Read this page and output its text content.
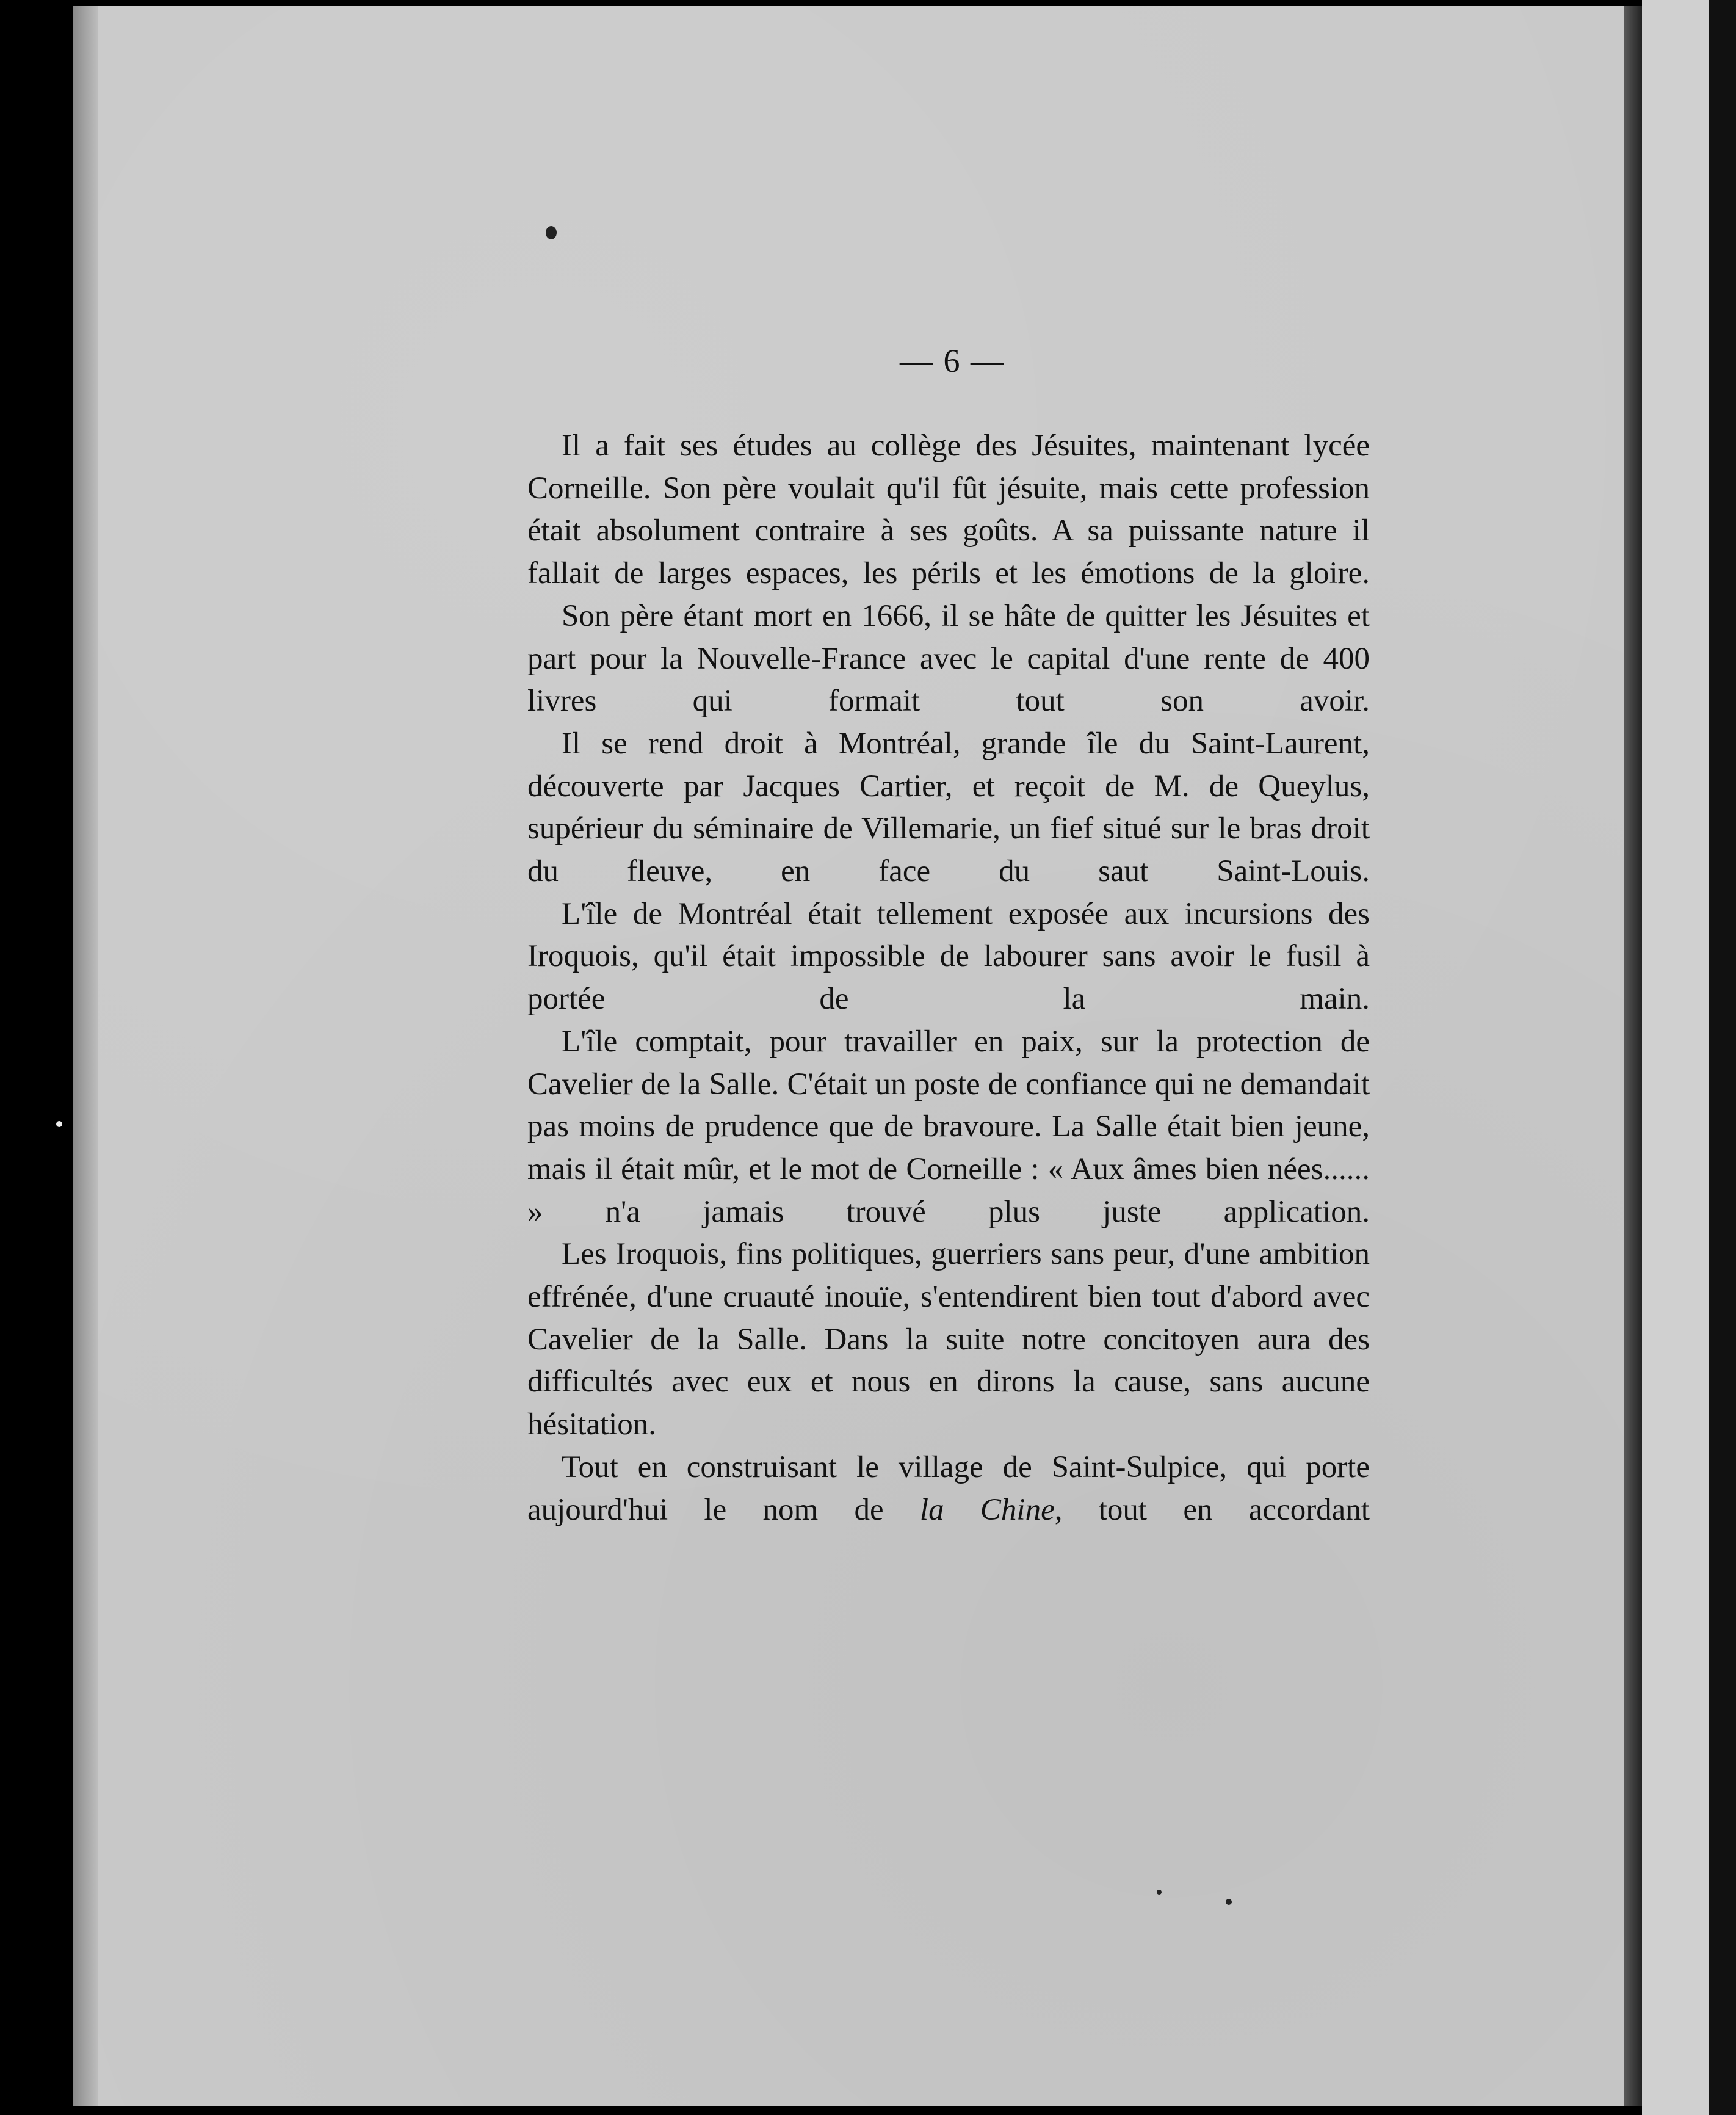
— 6 —

Il a fait ses études au collège des Jésuites, maintenant lycée Corneille. Son père voulait qu'il fût jésuite, mais cette profession était absolument contraire à ses goûts. A sa puissante nature il fallait de larges espaces, les périls et les émotions de la gloire.

Son père étant mort en 1666, il se hâte de quitter les Jésuites et part pour la Nouvelle-France avec le capital d'une rente de 400 livres qui formait tout son avoir.

Il se rend droit à Montréal, grande île du Saint-Laurent, découverte par Jacques Cartier, et reçoit de M. de Queylus, supérieur du séminaire de Villemarie, un fief situé sur le bras droit du fleuve, en face du saut Saint-Louis.

L'île de Montréal était tellement exposée aux incursions des Iroquois, qu'il était impossible de labourer sans avoir le fusil à portée de la main.

L'île comptait, pour travailler en paix, sur la protection de Cavelier de la Salle. C'était un poste de confiance qui ne demandait pas moins de prudence que de bravoure. La Salle était bien jeune, mais il était mûr, et le mot de Corneille : « Aux âmes bien nées...... » n'a jamais trouvé plus juste application.

Les Iroquois, fins politiques, guerriers sans peur, d'une ambition effrénée, d'une cruauté inouïe, s'entendirent bien tout d'abord avec Cavelier de la Salle. Dans la suite notre concitoyen aura des difficultés avec eux et nous en dirons la cause, sans aucune hésitation.

Tout en construisant le village de Saint-Sulpice, qui porte aujourd'hui le nom de la Chine, tout en accordant
